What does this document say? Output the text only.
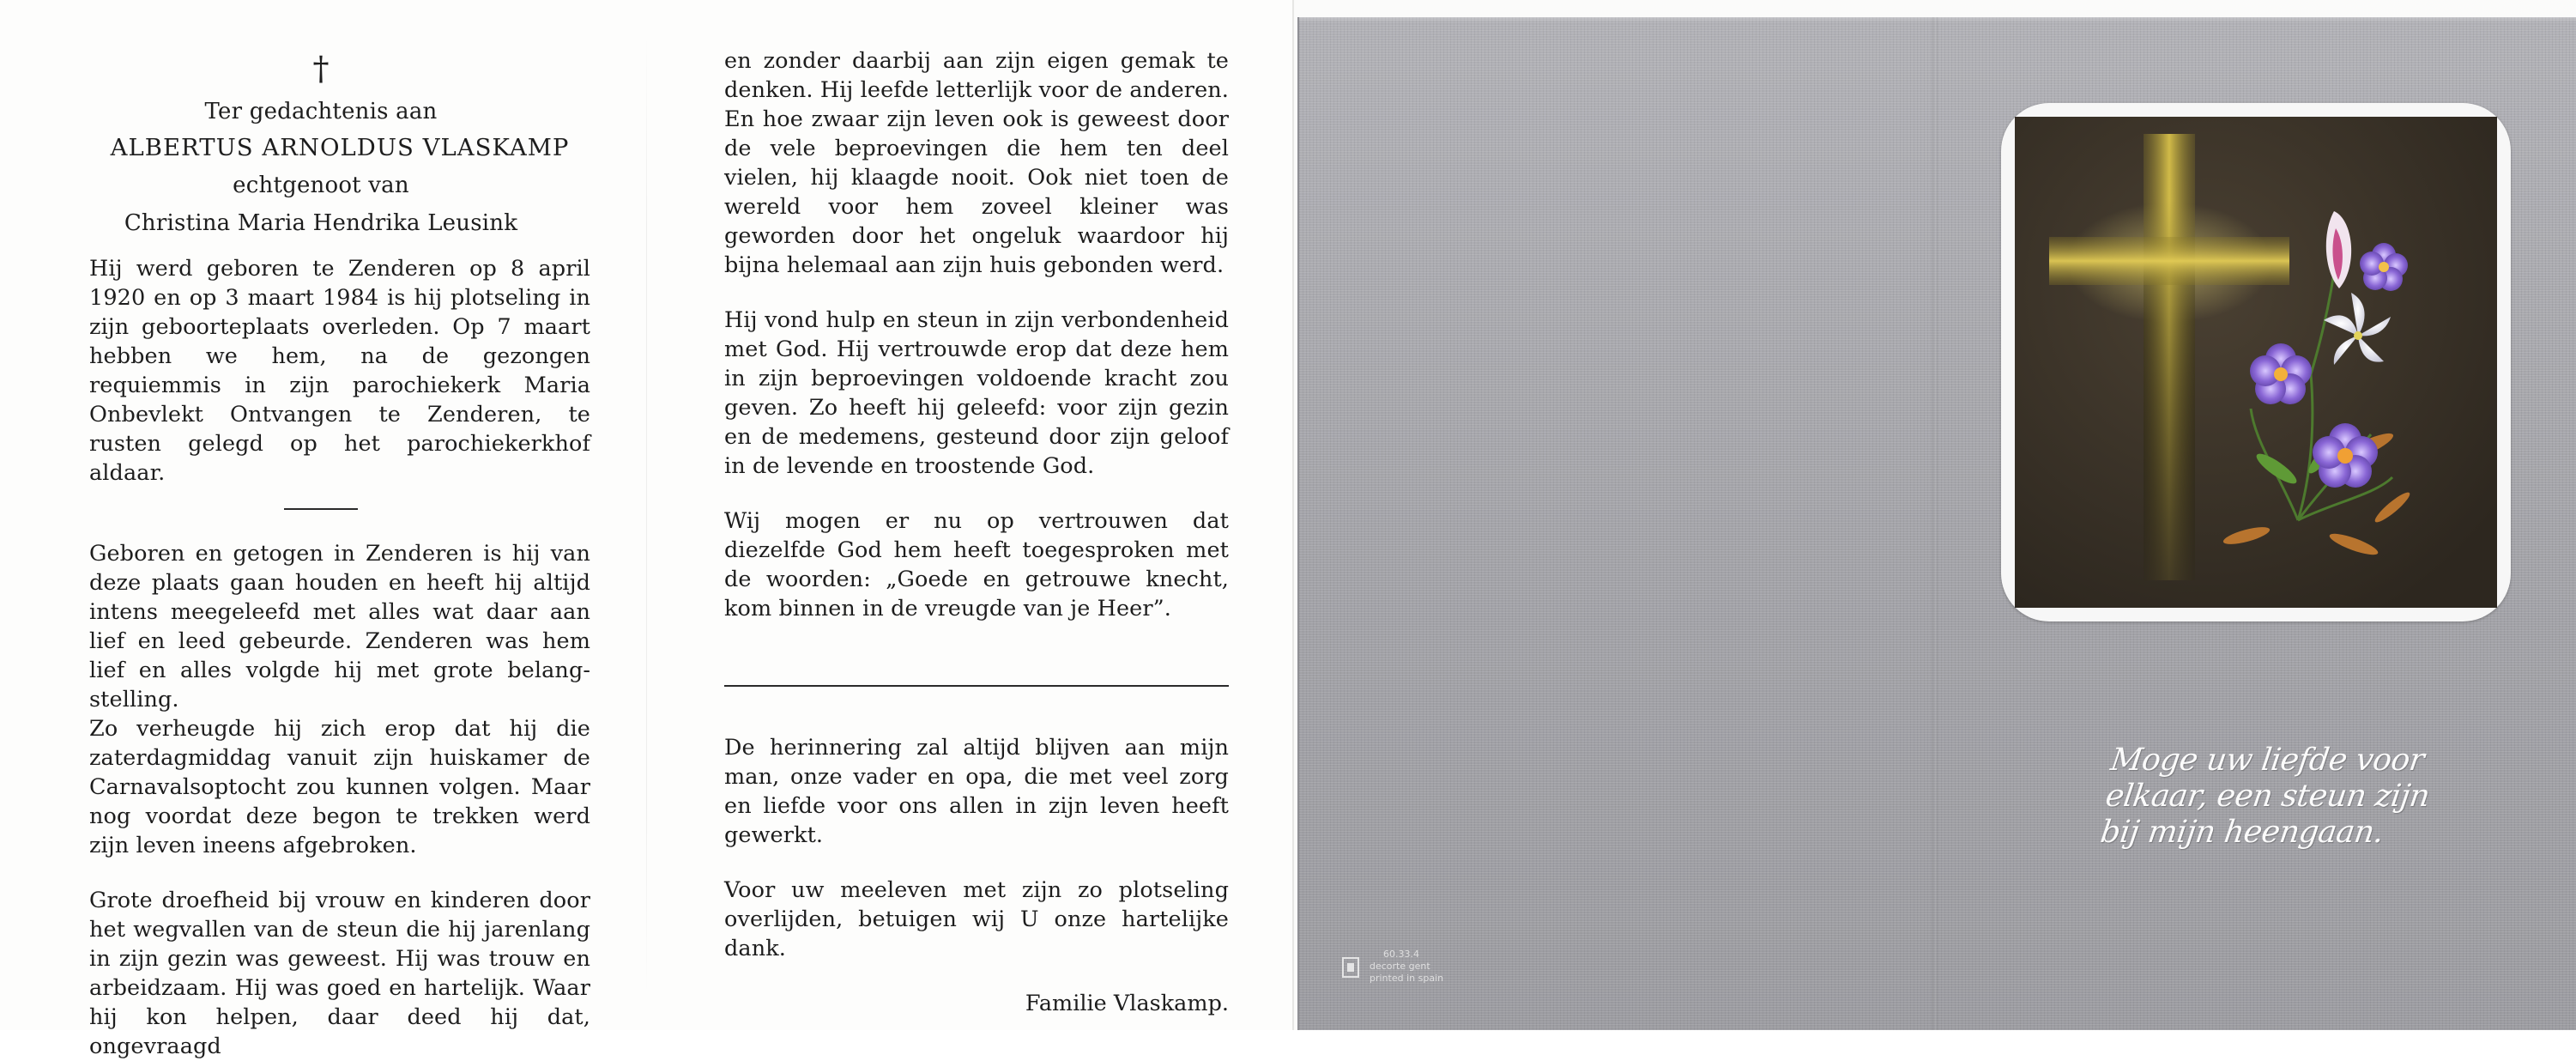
†
Ter gedachtenis aan
ALBERTUS ARNOLDUS VLASKAMP
echtgenoot van
Christina Maria Hendrika Leusink

Hij werd geboren te Zenderen op 8 april 1920 en op 3 maart 1984 is hij plotseling in zijn geboorteplaats overleden. Op 7 maart hebben we hem, na de gezongen requiemmis in zijn parochiekerk Maria Onbevlekt Ontvangen te Zenderen, te rusten gelegd op het parochiekerkhof aldaar.

Geboren en getogen in Zenderen is hij van deze plaats gaan houden en heeft hij altijd intens meegeleefd met alles wat daar aan lief en leed gebeurde. Zenderen was hem lief en alles volgde hij met grote belangstelling.

Zo verheugde hij zich erop dat hij die zaterdagmiddag vanuit zijn huiskamer de Carnavalsoptocht zou kunnen volgen. Maar nog voordat deze begon te trekken werd zijn leven ineens afgebroken.

Grote droefheid bij vrouw en kinderen door het wegvallen van de steun die hij jarenlang in zijn gezin was geweest. Hij was trouw en arbeidzaam. Hij was goed en hartelijk. Waar hij kon helpen, daar deed hij dat, ongevraagd

en zonder daarbij aan zijn eigen gemak te denken. Hij leefde letterlijk voor de anderen. En hoe zwaar zijn leven ook is geweest door de vele beproevingen die hem ten deel vielen, hij klaagde nooit. Ook niet toen de wereld voor hem zoveel kleiner was geworden door het ongeluk waardoor hij bijna helemaal aan zijn huis gebonden werd.

Hij vond hulp en steun in zijn verbondenheid met God. Hij vertrouwde erop dat deze hem in zijn beproevingen voldoende kracht zou geven. Zo heeft hij geleefd: voor zijn gezin en de medemens, gesteund door zijn geloof in de levende en troostende God.

Wij mogen er nu op vertrouwen dat diezelfde God hem heeft toegesproken met de woorden: „Goede en getrouwe knecht, kom binnen in de vreugde van je Heer”.

De herinnering zal altijd blijven aan mijn man, onze vader en opa, die met veel zorg en liefde voor ons allen in zijn leven heeft gewerkt.

Voor uw meeleven met zijn zo plotseling overlijden, betuigen wij U onze hartelijke dank.

Familie Vlaskamp.
Moge uw liefde voor
elkaar, een steun zijn
bij mijn heengaan.
60.33.4
decorte gent
printed in spain
